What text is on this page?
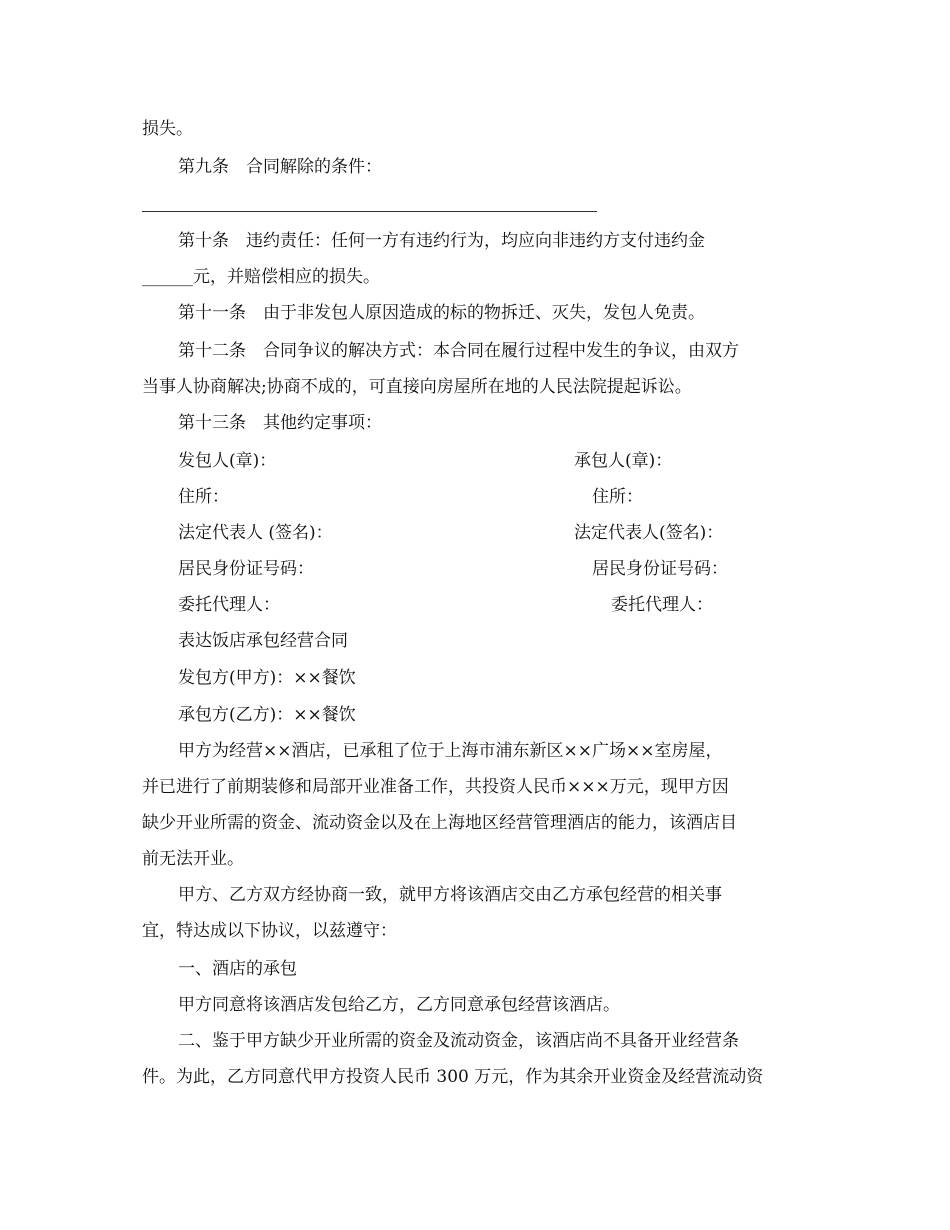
损失。
第九条　合同解除的条件：
第十条　违约责任：任何一方有违约行为，均应向非违约方支付违约金
______元，并赔偿相应的损失。
第十一条　由于非发包人原因造成的标的物拆迁、灭失，发包人免责。
第十二条　合同争议的解决方式：本合同在履行过程中发生的争议，由双方
当事人协商解决;协商不成的，可直接向房屋所在地的人民法院提起诉讼。
第十三条　其他约定事项：
发包人(章)：	承包人(章)：
住所：	住所：
法定代表人 (签名)：	法定代表人(签名)：
居民身份证号码：	居民身份证号码：
委托代理人：	委托代理人：
表达饭店承包经营合同
发包方(甲方)：××餐饮
承包方(乙方)：××餐饮
甲方为经营××酒店，已承租了位于上海市浦东新区××广场××室房屋，
并已进行了前期装修和局部开业准备工作，共投资人民币×××万元，现甲方因
缺少开业所需的资金、流动资金以及在上海地区经营管理酒店的能力，该酒店目
前无法开业。
甲方、乙方双方经协商一致，就甲方将该酒店交由乙方承包经营的相关事
宜，特达成以下协议，以兹遵守：
一、酒店的承包
甲方同意将该酒店发包给乙方，乙方同意承包经营该酒店。
二、鉴于甲方缺少开业所需的资金及流动资金，该酒店尚不具备开业经营条
件。为此，乙方同意代甲方投资人民币 300 万元，作为其余开业资金及经营流动资
